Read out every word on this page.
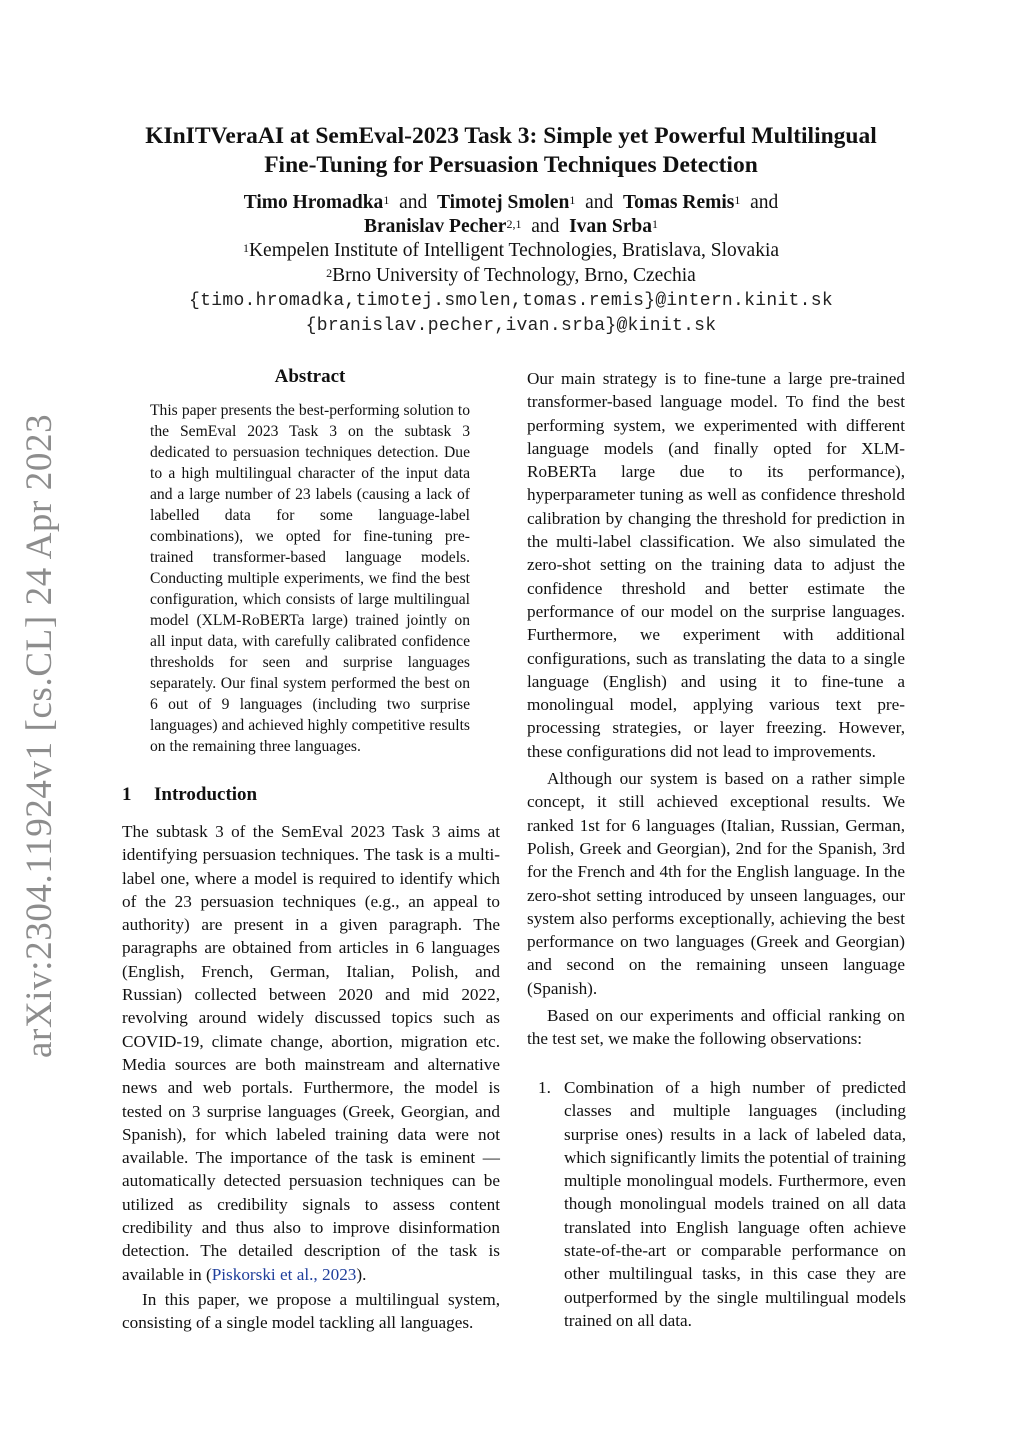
arXiv:2304.11924v1 [cs.CL] 24 Apr 2023
KInITVeraAI at SemEval-2023 Task 3: Simple yet Powerful Multilingual
Fine-Tuning for Persuasion Techniques Detection
Timo Hromadka$^1$ and Timotej Smolen$^1$ and Tomas Remis$^1$ and
Branislav Pecher$^{2,1}$ and Ivan Srba$^1$
$^1$Kempelen Institute of Intelligent Technologies, Bratislava, Slovakia
$^2$Brno University of Technology, Brno, Czechia
{timo.hromadka,timotej.smolen,tomas.remis}@intern.kinit.sk
{branislav.pecher,ivan.srba}@kinit.sk
Abstract
This paper presents the best-performing solution to the SemEval 2023 Task 3 on the subtask 3 dedicated to persuasion techniques detection. Due to a high multilingual character of the input data and a large number of 23 labels (causing a lack of labelled data for some language-label combinations), we opted for fine-tuning pre-trained transformer-based language models. Conducting multiple experiments, we find the best configuration, which consists of large multilingual model (XLM-RoBERTa large) trained jointly on all input data, with carefully calibrated confidence thresholds for seen and surprise languages separately. Our final system performed the best on 6 out of 9 languages (including two surprise languages) and achieved highly competitive results on the remaining three languages.
1 Introduction

The subtask 3 of the SemEval 2023 Task 3 aims at identifying persuasion techniques. The task is a multi-label one, where a model is required to identify which of the 23 persuasion techniques (e.g., an appeal to authority) are present in a given paragraph. The paragraphs are obtained from articles in 6 languages (English, French, German, Italian, Polish, and Russian) collected between 2020 and mid 2022, revolving around widely discussed topics such as COVID-19, climate change, abortion, migration etc. Media sources are both mainstream and alternative news and web portals. Furthermore, the model is tested on 3 surprise languages (Greek, Georgian, and Spanish), for which labeled training data were not available. The importance of the task is eminent — automatically detected persuasion techniques can be utilized as credibility signals to assess content credibility and thus also to improve disinformation detection. The detailed description of the task is available in (Piskorski et al., 2023).

In this paper, we propose a multilingual system, consisting of a single model tackling all languages.

Our main strategy is to fine-tune a large pre-trained transformer-based language model. To find the best performing system, we experimented with different language models (and finally opted for XLM-RoBERTa large due to its performance), hyperparameter tuning as well as confidence threshold calibration by changing the threshold for prediction in the multi-label classification. We also simulated the zero-shot setting on the training data to adjust the confidence threshold and better estimate the performance of our model on the surprise languages. Furthermore, we experiment with additional configurations, such as translating the data to a single language (English) and using it to fine-tune a monolingual model, applying various text pre-processing strategies, or layer freezing. However, these configurations did not lead to improvements.

Although our system is based on a rather simple concept, it still achieved exceptional results. We ranked 1st for 6 languages (Italian, Russian, German, Polish, Greek and Georgian), 2nd for the Spanish, 3rd for the French and 4th for the English language. In the zero-shot setting introduced by unseen languages, our system also performs exceptionally, achieving the best performance on two languages (Greek and Georgian) and second on the remaining unseen language (Spanish).

Based on our experiments and official ranking on the test set, we make the following observations:

1. Combination of a high number of predicted classes and multiple languages (including surprise ones) results in a lack of labeled data, which significantly limits the potential of training multiple monolingual models. Furthermore, even though monolingual models trained on all data translated into English language often achieve state-of-the-art or comparable performance on other multilingual tasks, in this case they are outperformed by the single multilingual models trained on all data.
